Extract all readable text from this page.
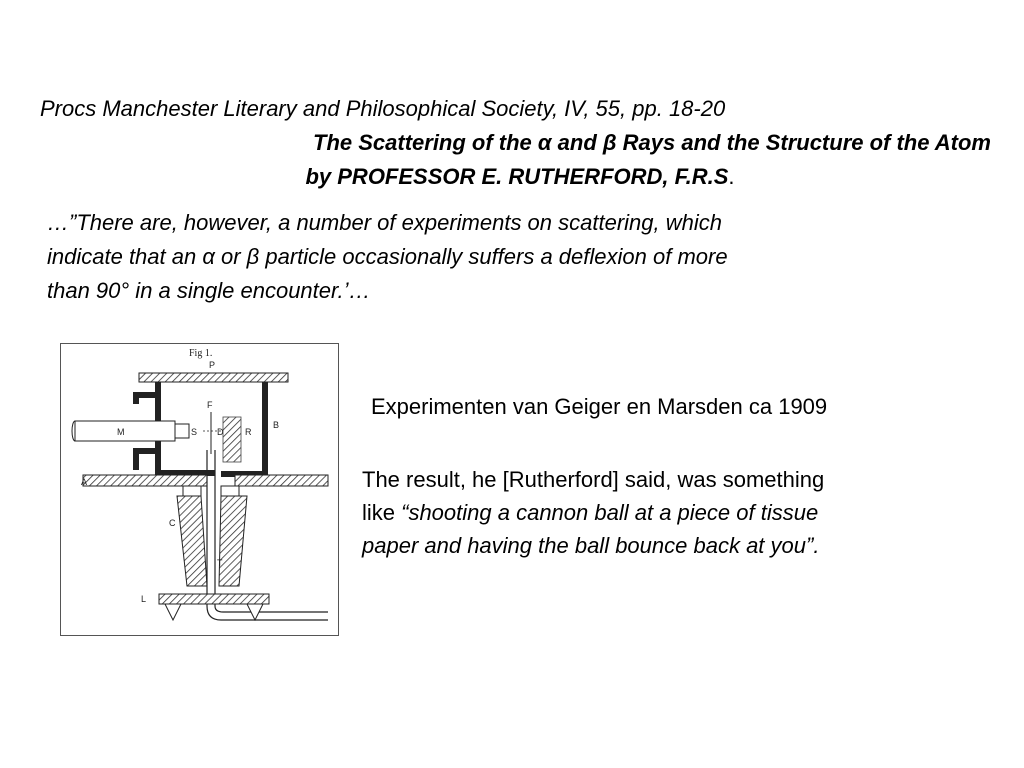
Procs Manchester Literary and Philosophical Society, IV, 55, pp. 18-20
The Scattering of the α and β Rays and the Structure of the Atom
by PROFESSOR E. RUTHERFORD, F.R.S.
…”There are, however, a number of experiments on scattering, which
indicate that an α or β particle occasionally suffers a deflexion of more
than 90° in a single encounter.’…
Fig 1.
P
B
M	S
F
D R
A
C
T
L
Experimenten van Geiger en Marsden ca 1909
The result, he [Rutherford] said, was something
like “shooting a cannon ball at a piece of tissue
paper and having the ball bounce back at you”.
